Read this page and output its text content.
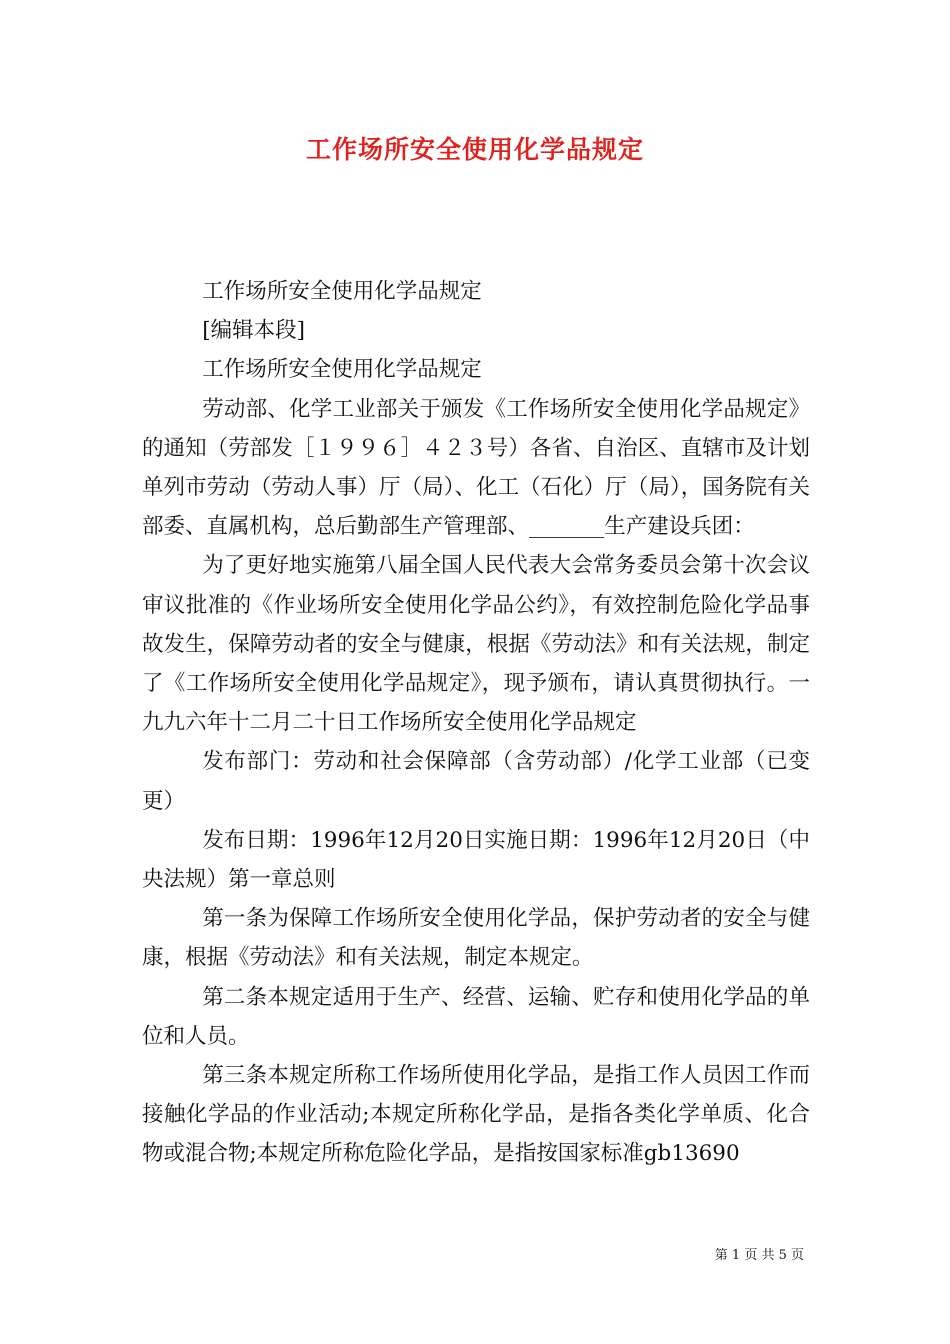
工作场所安全使用化学品规定

工作场所安全使用化学品规定

[编辑本段]

工作场所安全使用化学品规定

劳动部、化学工业部关于颁发《工作场所安全使用化学品规定》的通知（劳部发［１９９６］４２３号）各省、自治区、直辖市及计划单列市劳动（劳动人事）厅（局）、化工（石化）厅（局），国务院有关部委、直属机构，总后勤部生产管理部、_______生产建设兵团：

为了更好地实施第八届全国人民代表大会常务委员会第十次会议审议批准的《作业场所安全使用化学品公约》，有效控制危险化学品事故发生，保障劳动者的安全与健康，根据《劳动法》和有关法规，制定了《工作场所安全使用化学品规定》，现予颁布，请认真贯彻执行。一九九六年十二月二十日工作场所安全使用化学品规定

发布部门：劳动和社会保障部（含劳动部）/化学工业部（已变更）

发布日期：1996年12月20日实施日期：1996年12月20日（中央法规）第一章总则

第一条为保障工作场所安全使用化学品，保护劳动者的安全与健康，根据《劳动法》和有关法规，制定本规定。

第二条本规定适用于生产、经营、运输、贮存和使用化学品的单位和人员。

第三条本规定所称工作场所使用化学品，是指工作人员因工作而接触化学品的作业活动;本规定所称化学品，是指各类化学单质、化合物或混合物;本规定所称危险化学品，是指按国家标准gb13690

第 1 页 共 5 页
